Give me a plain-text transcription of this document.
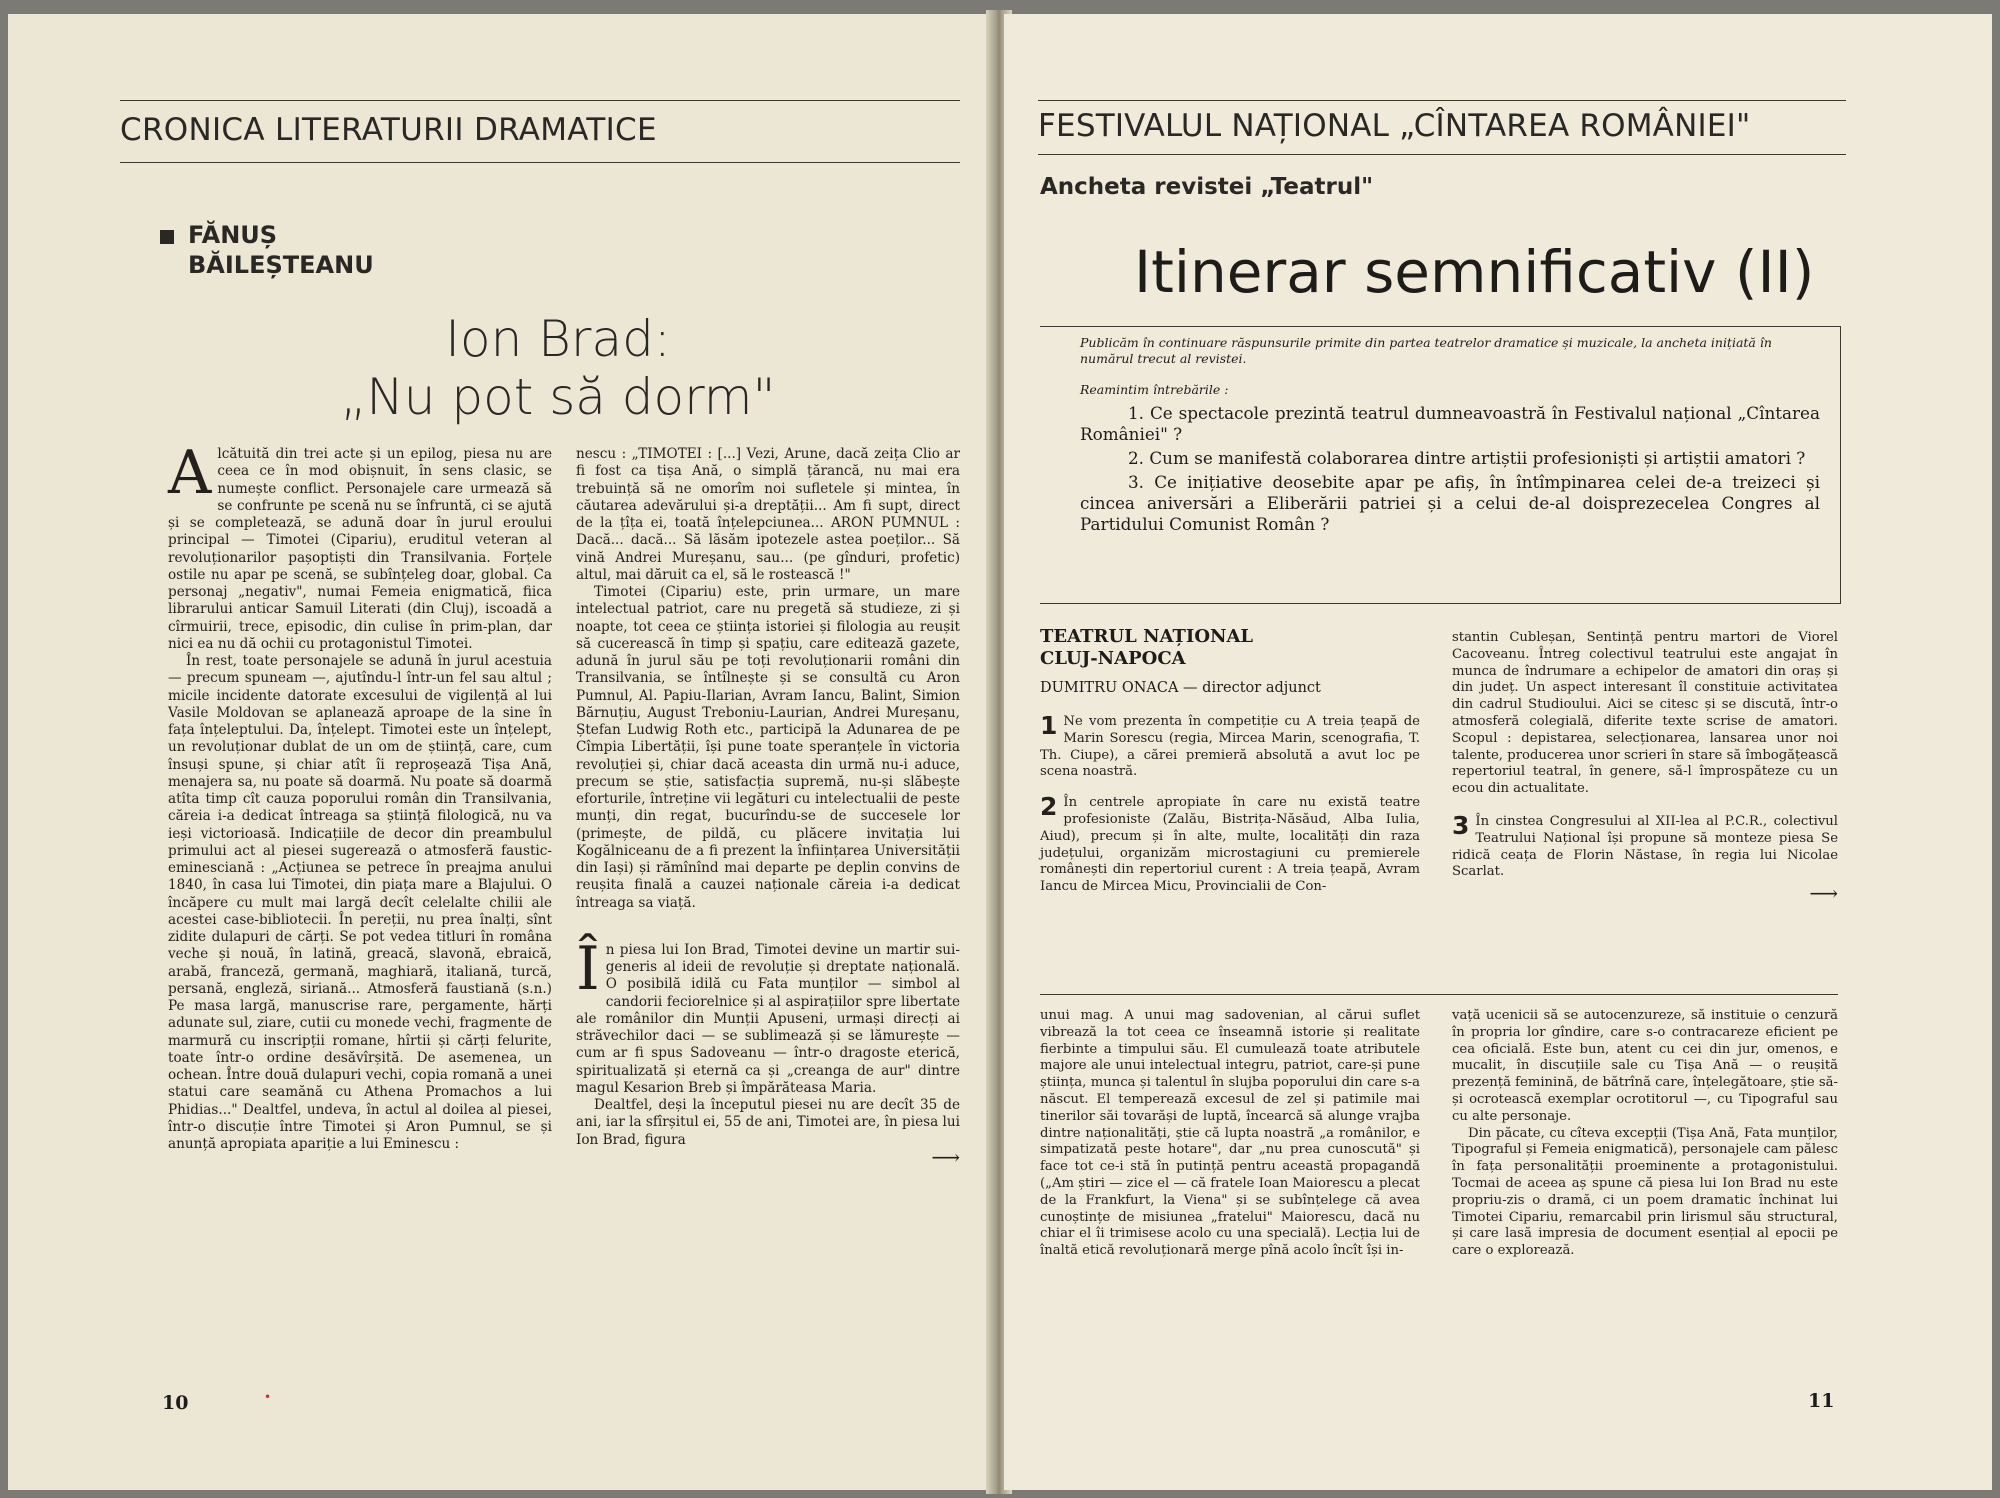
CRONICA LITERATURII DRAMATICE
FĂNUȘ
BĂILEȘTEANU
Ion Brad:
„Nu pot să dorm"

Alcătuită din trei acte și un epilog, piesa nu are ceea ce în mod obișnuit, în sens clasic, se numește conflict. Personajele care urmează să se confrunte pe scenă nu se înfruntă, ci se ajută și se completează, se adună doar în jurul eroului principal — Timotei (Cipariu), eruditul veteran al revoluționarilor pașoptiști din Transilvania. Forțele ostile nu apar pe scenă, se subînțeleg doar, global. Ca personaj „negativ", numai Femeia enigmatică, fiica librarului anticar Samuil Literati (din Cluj), iscoadă a cîrmuirii, trece, episodic, din culise în prim-plan, dar nici ea nu dă ochii cu protagonistul Timotei.

În rest, toate personajele se adună în jurul acestuia — precum spuneam —, ajutîndu-l într-un fel sau altul ; micile incidente datorate excesului de vigilență al lui Vasile Moldovan se aplanează aproape de la sine în fața înțeleptului. Da, înțelept. Timotei este un înțelept, un revoluționar dublat de un om de știință, care, cum însuși spune, și chiar atît îi reproșează Tișa Ană, menajera sa, nu poate să doarmă. Nu poate să doarmă atîta timp cît cauza poporului român din Transilvania, căreia i-a dedicat întreaga sa știință filologică, nu va ieși victorioasă. Indicațiile de decor din preambulul primului act al piesei sugerează o atmosferă faustic-eminesciană : „Acțiunea se petrece în preajma anului 1840, în casa lui Timotei, din piața mare a Blajului. O încăpere cu mult mai largă decît celelalte chilii ale acestei case-bibliotecii. În pereții, nu prea înalți, sînt zidite dulapuri de cărți. Se pot vedea titluri în româna veche și nouă, în latină, greacă, slavonă, ebraică, arabă, franceză, germană, maghiară, italiană, turcă, persană, engleză, siriană... Atmosferă faustiană (s.n.) Pe masa largă, manuscrise rare, pergamente, hărți adunate sul, ziare, cutii cu monede vechi, fragmente de marmură cu inscripții romane, hîrtii și cărți felurite, toate într-o ordine desăvîrșită. De asemenea, un ochean. Între două dulapuri vechi, copia romană a unei statui care seamănă cu Athena Promachos a lui Phidias..." Dealtfel, undeva, în actul al doilea al piesei, într-o discuție între Timotei și Aron Pumnul, se și anunță apropiata apariție a lui Eminescu :

nescu : „TIMOTEI : [...] Vezi, Arune, dacă zeița Clio ar fi fost ca tișa Ană, o simplă țărancă, nu mai era trebuință să ne omorîm noi sufletele și mintea, în căutarea adevărului și-a dreptății... Am fi supt, direct de la țîța ei, toată înțelepciunea... ARON PUMNUL : Dacă... dacă... Să lăsăm ipotezele astea poeților... Să vină Andrei Mureșanu, sau... (pe gînduri, profetic) altul, mai dăruit ca el, să le rostească !"

Timotei (Cipariu) este, prin urmare, un mare intelectual patriot, care nu pregetă să studieze, zi și noapte, tot ceea ce știința istoriei și filologia au reușit să cucerească în timp și spațiu, care editează gazete, adună în jurul său pe toți revoluționarii români din Transilvania, se întîlnește și se consultă cu Aron Pumnul, Al. Papiu-Ilarian, Avram Iancu, Balint, Simion Bărnuțiu, August Treboniu-Laurian, Andrei Mureșanu, Ștefan Ludwig Roth etc., participă la Adunarea de pe Cîmpia Libertății, își pune toate speranțele în victoria revoluției și, chiar dacă aceasta din urmă nu-i aduce, precum se știe, satisfacția supremă, nu-și slăbește eforturile, întreține vii legături cu intelectualii de peste munți, din regat, bucurîndu-se de succesele lor (primește, de pildă, cu plăcere invitația lui Kogălniceanu de a fi prezent la înființarea Universității din Iași) și rămînînd mai departe pe deplin convins de reușita finală a cauzei naționale căreia i-a dedicat întreaga sa viață.

În piesa lui Ion Brad, Timotei devine un martir sui-generis al ideii de revoluție și dreptate națională. O posibilă idilă cu Fata munților — simbol al candorii feciorelnice și al aspirațiilor spre libertate ale românilor din Munții Apuseni, urmași direcți ai străvechilor daci — se sublimează și se lămurește — cum ar fi spus Sadoveanu — într-o dragoste eterică, spiritualizată și eternă ca și „creanga de aur" dintre magul Kesarion Breb și împărăteasa Maria.

Dealtfel, deși la începutul piesei nu are decît 35 de ani, iar la sfîrșitul ei, 55 de ani, Timotei are, în piesa lui Ion Brad, figura

⟶
10	•
FESTIVALUL NAȚIONAL „CÎNTAREA ROMÂNIEI"
Ancheta revistei „Teatrul"
Itinerar semnificativ (II)
Publicăm în continuare răspunsurile primite din partea teatrelor dramatice și muzicale, la ancheta inițiată în numărul trecut al revistei.

Reamintim întrebările :

1. Ce spectacole prezintă teatrul dumneavoastră în Festivalul național „Cîntarea României" ?

2. Cum se manifestă colaborarea dintre artiștii profesioniști și artiștii amatori ?

3. Ce inițiative deosebite apar pe afiș, în întîmpinarea celei de-a treizeci și cincea aniversări a Eliberării patriei și a celui de-al doisprezecelea Congres al Partidului Comunist Român ?

TEATRUL NAȚIONAL
CLUJ-NAPOCA
DUMITRU ONACA — director adjunct

1 Ne vom prezenta în competiție cu A treia țeapă de Marin Sorescu (regia, Mircea Marin, scenografia, T. Th. Ciupe), a cărei premieră absolută a avut loc pe scena noastră.

2 În centrele apropiate în care nu există teatre profesioniste (Zalău, Bistrița-Năsăud, Alba Iulia, Aiud), precum și în alte, multe, localități din raza județului, organizăm microstagiuni cu premierele românești din repertoriul curent : A treia țeapă, Avram Iancu de Mircea Micu, Provincialii de Con-

stantin Cubleșan, Sentință pentru martori de Viorel Cacoveanu. Întreg colectivul teatrului este angajat în munca de îndrumare a echipelor de amatori din oraș și din județ. Un aspect interesant îl constituie activitatea din cadrul Studioului. Aici se citesc și se discută, într-o atmosferă colegială, diferite texte scrise de amatori. Scopul : depistarea, selecționarea, lansarea unor noi talente, producerea unor scrieri în stare să îmbogățească repertoriul teatral, în genere, să-l împrospăteze cu un ecou din actualitate.

3 În cinstea Congresului al XII-lea al P.C.R., colectivul Teatrului Național își propune să monteze piesa Se ridică ceața de Florin Năstase, în regia lui Nicolae Scarlat.

⟶

unui mag. A unui mag sadovenian, al cărui suflet vibrează la tot ceea ce înseamnă istorie și realitate fierbinte a timpului său. El cumulează toate atributele majore ale unui intelectual integru, patriot, care-și pune știința, munca și talentul în slujba poporului din care s-a născut. El temperează excesul de zel și patimile mai tinerilor săi tovarăși de luptă, încearcă să alunge vrajba dintre naționalități, știe că lupta noastră „a românilor, e simpatizată peste hotare", dar „nu prea cunoscută" și face tot ce-i stă în putință pentru această propagandă („Am știri — zice el — că fratele Ioan Maiorescu a plecat de la Frankfurt, la Viena" și se subînțelege că avea cunoștințe de misiunea „fratelui" Maiorescu, dacă nu chiar el îi trimisese acolo cu una specială). Lecția lui de înaltă etică revoluționară merge pînă acolo încît își in-

vață ucenicii să se autocenzureze, să instituie o cenzură în propria lor gîndire, care s-o contracareze eficient pe cea oficială. Este bun, atent cu cei din jur, omenos, e mucalit, în discuțiile sale cu Tișa Ană — o reușită prezență feminină, de bătrînă care, înțelegătoare, știe să-și ocrotească exemplar ocrotitorul —, cu Tipograful sau cu alte personaje.

Din păcate, cu cîteva excepții (Tișa Ană, Fata munților, Tipograful și Femeia enigmatică), personajele cam pălesc în fața personalității proeminente a protagonistului. Tocmai de aceea aș spune că piesa lui Ion Brad nu este propriu-zis o dramă, ci un poem dramatic închinat lui Timotei Cipariu, remarcabil prin lirismul său structural, și care lasă impresia de document esențial al epocii pe care o explorează.

11
